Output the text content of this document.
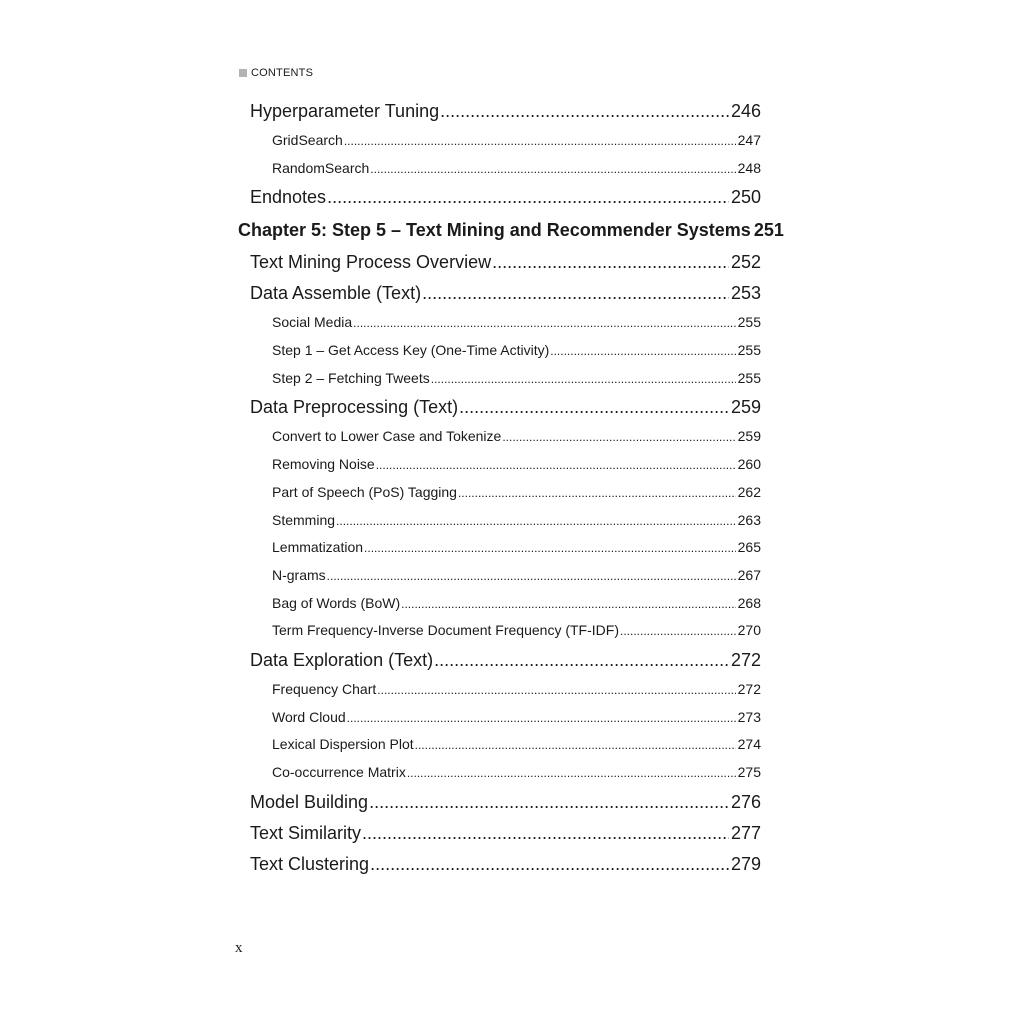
CONTENTS
Hyperparameter Tuning .....	246
GridSearch .....	247
RandomSearch .....	248
Endnotes .....	250
Chapter 5: Step 5 – Text Mining and Recommender Systems 251
Text Mining Process Overview .....	252
Data Assemble (Text) .....	253
Social Media .....	255
Step 1 – Get Access Key (One-Time Activity) .....	255
Step 2 – Fetching Tweets .....	255
Data Preprocessing (Text) .....	259
Convert to Lower Case and Tokenize .....	259
Removing Noise .....	260
Part of Speech (PoS) Tagging .....	262
Stemming .....	263
Lemmatization .....	265
N-grams .....	267
Bag of Words (BoW) .....	268
Term Frequency-Inverse Document Frequency (TF-IDF) .....	270
Data Exploration (Text) .....	272
Frequency Chart .....	272
Word Cloud .....	273
Lexical Dispersion Plot .....	274
Co-occurrence Matrix .....	275
Model Building .....	276
Text Similarity .....	277
Text Clustering .....	279
x
